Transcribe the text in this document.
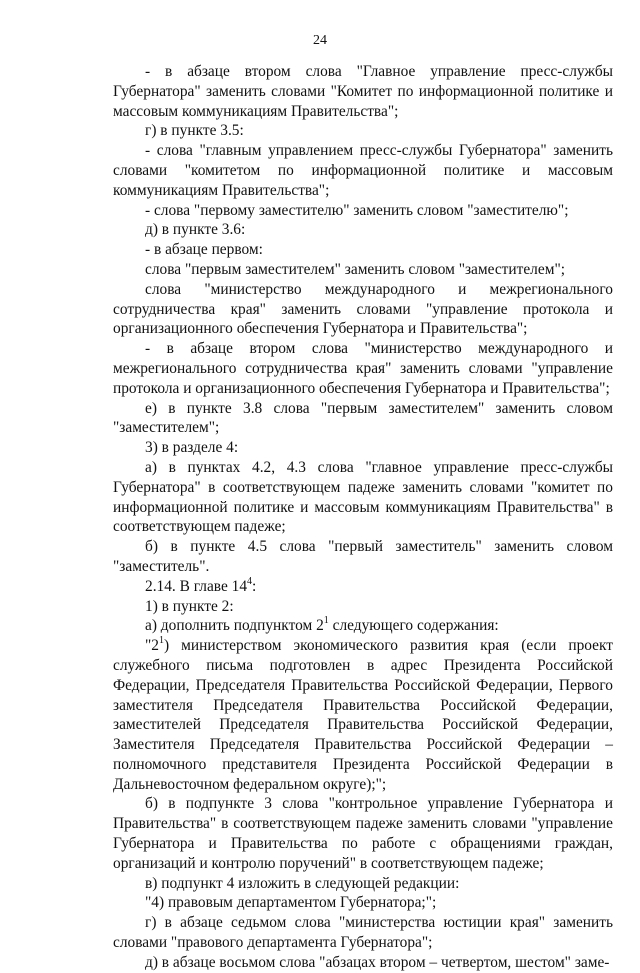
24

- в абзаце втором слова "Главное управление пресс-службы Губернатора" заменить словами "Комитет по информационной политике и массовым коммуникациям Правительства";

г) в пункте 3.5:

- слова "главным управлением пресс-службы Губернатора" заменить словами "комитетом по информационной политике и массовым коммуникациям Правительства";

- слова "первому заместителю" заменить словом "заместителю";

д) в пункте 3.6:

- в абзаце первом:

слова "первым заместителем" заменить словом "заместителем";

слова "министерство международного и межрегионального сотрудничества края" заменить словами "управление протокола и организационного обеспечения Губернатора и Правительства";

- в абзаце втором слова "министерство международного и межрегионального сотрудничества края" заменить словами "управление протокола и организационного обеспечения Губернатора и Правительства";

е) в пункте 3.8 слова "первым заместителем" заменить словом "заместителем";

3) в разделе 4:

а) в пунктах 4.2, 4.3 слова "главное управление пресс-службы Губернатора" в соответствующем падеже заменить словами "комитет по информационной политике и массовым коммуникациям Правительства" в соответствующем падеже;

б) в пункте 4.5 слова "первый заместитель" заменить словом "заместитель".

2.14. В главе $14^4$:

1) в пункте 2:

а) дополнить подпунктом $2^1$ следующего содержания:

"$2^1$) министерством экономического развития края (если проект служебного письма подготовлен в адрес Президента Российской Федерации, Председателя Правительства Российской Федерации, Первого заместителя Председателя Правительства Российской Федерации, заместителей Председателя Правительства Российской Федерации, Заместителя Председателя Правительства Российской Федерации – полномочного представителя Президента Российской Федерации в Дальневосточном федеральном округе);";

б) в подпункте 3 слова "контрольное управление Губернатора и Правительства" в соответствующем падеже заменить словами "управление Губернатора и Правительства по работе с обращениями граждан, организаций и контролю поручений" в соответствующем падеже;

в) подпункт 4 изложить в следующей редакции:

"4) правовым департаментом Губернатора;";

г) в абзаце седьмом слова "министерства юстиции края" заменить словами "правового департамента Губернатора";

д) в абзаце восьмом слова "абзацах втором – четвертом, шестом" заме-
